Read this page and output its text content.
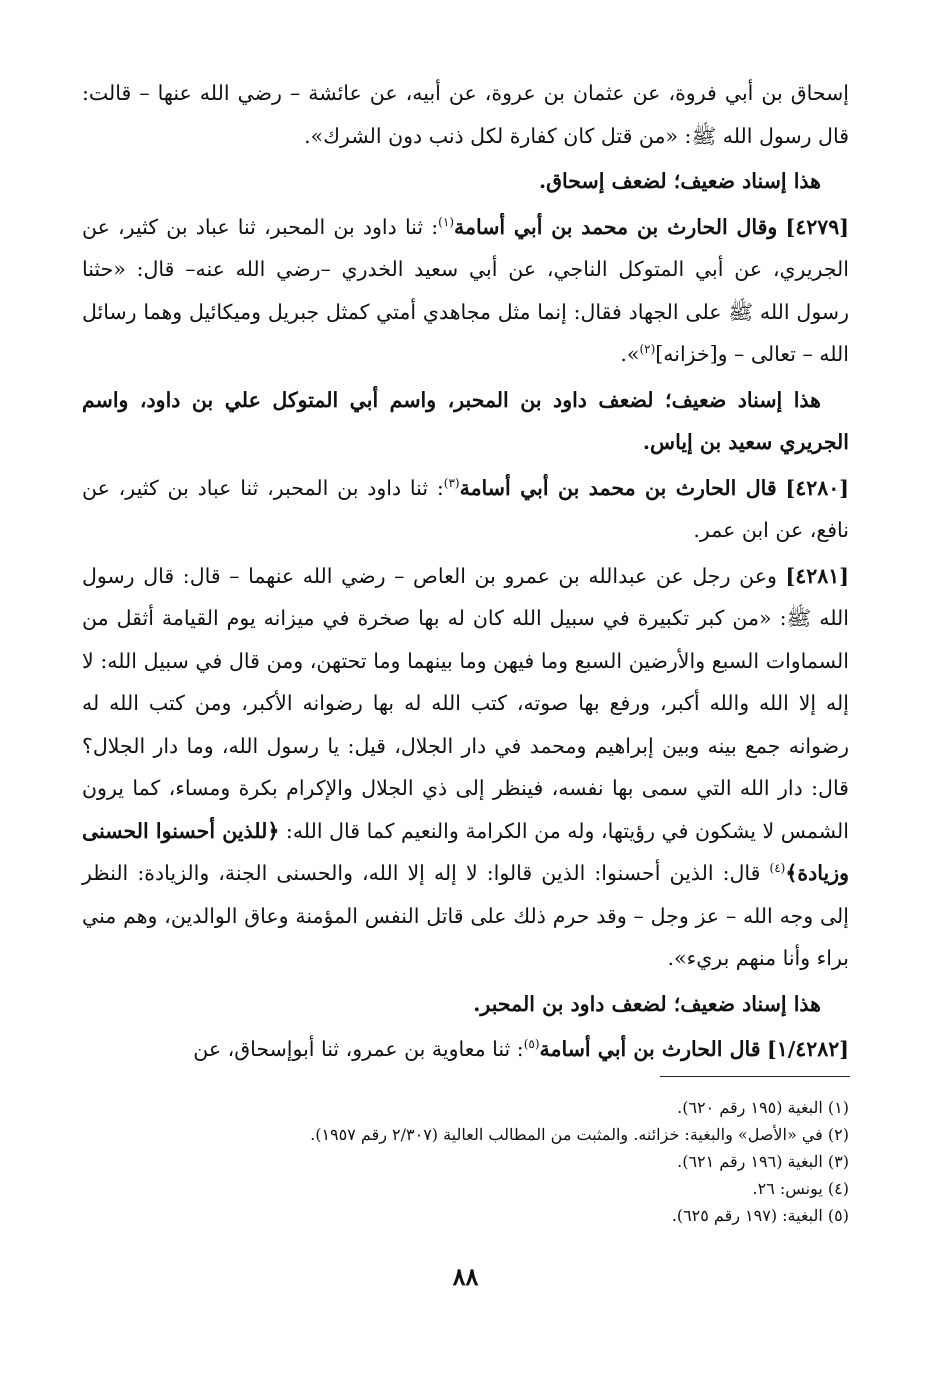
إسحاق بن أبي فروة، عن عثمان بن عروة، عن أبيه، عن عائشة – رضي الله عنها – قالت: قال رسول الله ﷺ: «من قتل كان كفارة لكل ذنب دون الشرك».

هذا إسناد ضعيف؛ لضعف إسحاق.

[٤٢٧٩] وقال الحارث بن محمد بن أبي أسامة$^{(١)}$: ثنا داود بن المحبر، ثنا عباد بن كثير، عن الجريري، عن أبي المتوكل الناجي، عن أبي سعيد الخدري –رضي الله عنه– قال: «حثنا رسول الله ﷺ على الجهاد فقال: إنما مثل مجاهدي أمتي كمثل جبريل وميكائيل وهما رسائل الله – تعالى – و[خزانه]$^{(٢)}$».

هذا إسناد ضعيف؛ لضعف داود بن المحبر، واسم أبي المتوكل علي بن داود، واسم الجريري سعيد بن إياس.

[٤٢٨٠] قال الحارث بن محمد بن أبي أسامة$^{(٣)}$: ثنا داود بن المحبر، ثنا عباد بن كثير، عن نافع، عن ابن عمر.

[٤٢٨١] وعن رجل عن عبدالله بن عمرو بن العاص – رضي الله عنهما – قال: قال رسول الله ﷺ: «من كبر تكبيرة في سبيل الله كان له بها صخرة في ميزانه يوم القيامة أثقل من السماوات السبع والأرضين السبع وما فيهن وما بينهما وما تحتهن، ومن قال في سبيل الله: لا إله إلا الله والله أكبر، ورفع بها صوته، كتب الله له بها رضوانه الأكبر، ومن كتب الله له رضوانه جمع بينه وبين إبراهيم ومحمد في دار الجلال، قيل: يا رسول الله، وما دار الجلال؟ قال: دار الله التي سمى بها نفسه، فينظر إلى ذي الجلال والإكرام بكرة ومساء، كما يرون الشمس لا يشكون في رؤيتها، وله من الكرامة والنعيم كما قال الله: ﴿للذين أحسنوا الحسنى وزيادة﴾$^{(٤)}$ قال: الذين أحسنوا: الذين قالوا: لا إله إلا الله، والحسنى الجنة، والزيادة: النظر إلى وجه الله – عز وجل – وقد حرم ذلك على قاتل النفس المؤمنة وعاق الوالدين، وهم مني براء وأنا منهم بريء».

هذا إسناد ضعيف؛ لضعف داود بن المحبر.

[١/٤٢٨٢] قال الحارث بن أبي أسامة$^{(٥)}$: ثنا معاوية بن عمرو، ثنا أبوإسحاق، عن

(١) البغية (١٩٥ رقم ٦٢٠).

(٢) في «الأصل» والبغية: خزائنه. والمثبت من المطالب العالية (٢/٣٠٧ رقم ١٩٥٧).

(٣) البغية (١٩٦ رقم ٦٢١).

(٤) يونس: ٢٦.

(٥) البغية: (١٩٧ رقم ٦٢٥).

٨٨
